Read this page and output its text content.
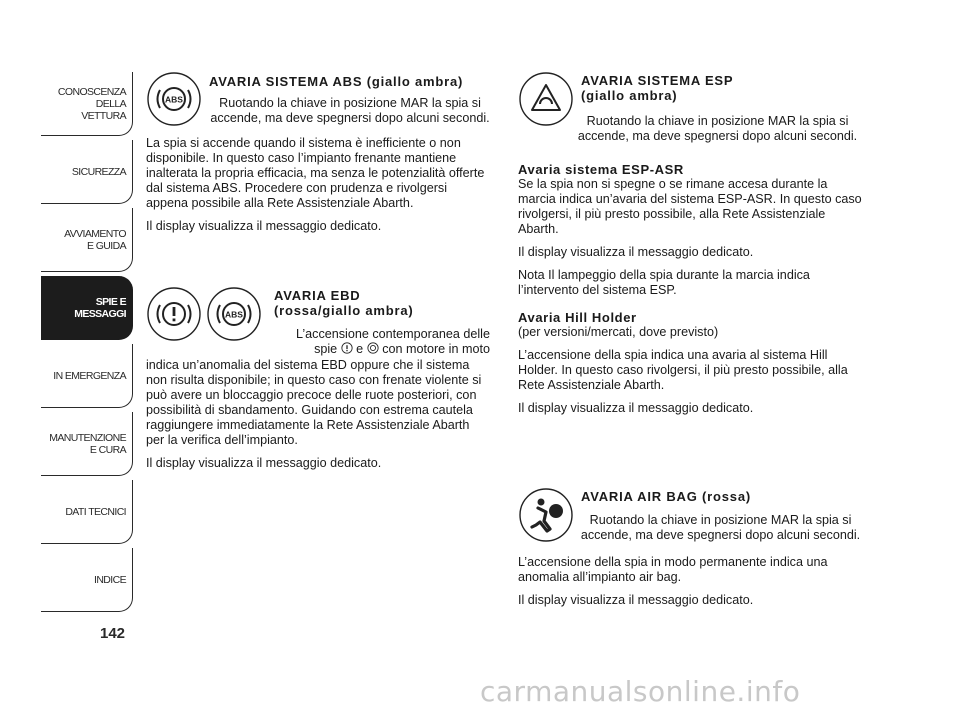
CONOSCENZA
DELLA
VETTURA
SICUREZZA
AVVIAMENTO
E GUIDA
SPIE E
MESSAGGI
IN EMERGENZA
MANUTENZIONE
E CURA
DATI TECNICI
INDICE
142
ABS
AVARIA SISTEMA ABS (giallo ambra)
Ruotando la chiave in posizione MAR la spia si
accende, ma deve spegnersi dopo alcuni secondi.

La spia si accende quando il sistema è inefficiente o non disponibile. In questo caso l’impianto frenante mantiene inalterata la propria efficacia, ma senza le potenzialità offerte dal sistema ABS. Procedere con prudenza e rivolgersi appena possibile alla Rete Assistenziale Abarth.

Il display visualizza il messaggio dedicato.

ABS
AVARIA EBD
(rossa/giallo ambra)
L’accensione contemporanea delle
spie e con motore in moto

indica un’anomalia del sistema EBD oppure che il sistema non risulta disponibile; in questo caso con frenate violente si può avere un bloccaggio precoce delle ruote posteriori, con possibilità di sbandamento. Guidando con estrema cautela raggiungere immediatamente la Rete Assistenziale Abarth per la verifica dell’impianto.

Il display visualizza il messaggio dedicato.

AVARIA SISTEMA ESP
(giallo ambra)
Ruotando la chiave in posizione MAR la spia si
accende, ma deve spegnersi dopo alcuni secondi.
Avaria sistema ESP-ASR

Se la spia non si spegne o se rimane accesa durante la marcia indica un’avaria del sistema ESP-ASR. In questo caso rivolgersi, il più presto possibile, alla Rete Assistenziale Abarth.

Il display visualizza il messaggio dedicato.

Nota Il lampeggio della spia durante la marcia indica l’intervento del sistema ESP.

Avaria Hill Holder

(per versioni/mercati, dove previsto)

L’accensione della spia indica una avaria al sistema Hill Holder. In questo caso rivolgersi, il più presto possibile, alla Rete Assistenziale Abarth.

Il display visualizza il messaggio dedicato.

AVARIA AIR BAG (rossa)
Ruotando la chiave in posizione MAR la spia si
accende, ma deve spegnersi dopo alcuni secondi.

L’accensione della spia in modo permanente indica una anomalia all’impianto air bag.

Il display visualizza il messaggio dedicato.

carmanualsonline.info
